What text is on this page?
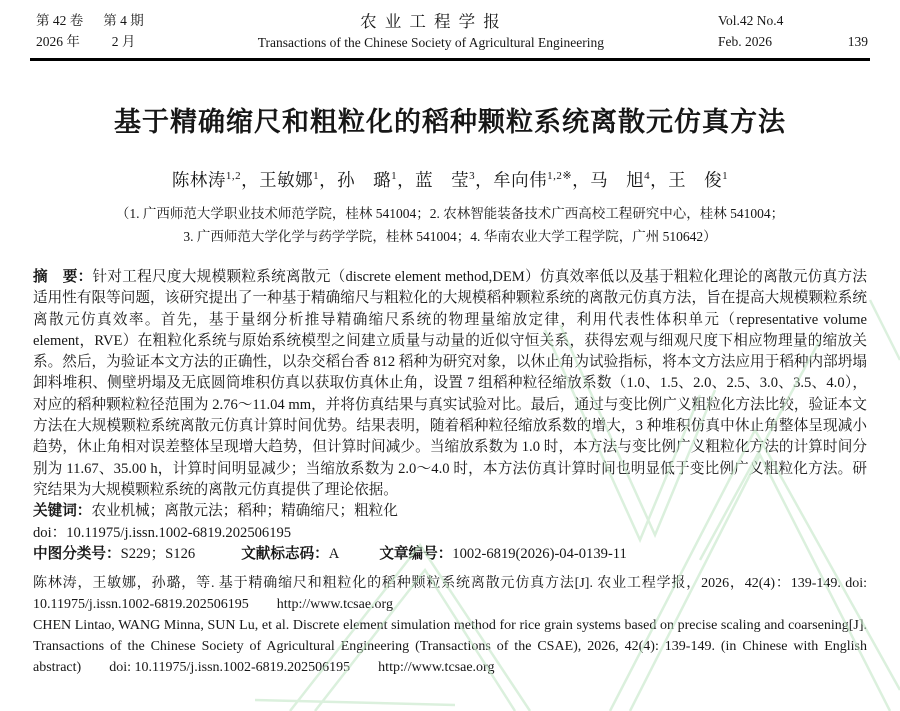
第 42 卷 第 4 期
2026 年	2 月
农 业 工 程 学 报
Transactions of the Chinese Society of Agricultural Engineering
Vol.42 No.4
Feb. 2026	139
基于精确缩尺和粗粒化的稻种颗粒系统离散元仿真方法
陈林涛$^{1,2}$，王敏娜$^1$，孙　璐$^1$，蓝　莹$^3$，牟向伟$^{1,2※}$，马　旭$^4$，王　俊$^1$
（1. 广西师范大学职业技术师范学院，桂林 541004；2. 农林智能装备技术广西高校工程研究中心，桂林 541004；
3. 广西师范大学化学与药学学院，桂林 541004；4. 华南农业大学工程学院，广州 510642）

摘　要：针对工程尺度大规模颗粒系统离散元（discrete element method,DEM）仿真效率低以及基于粗粒化理论的离散元仿真方法适用性有限等问题，该研究提出了一种基于精确缩尺与粗粒化的大规模稻种颗粒系统的离散元仿真方法，旨在提高大规模颗粒系统离散元仿真效率。首先，基于量纲分析推导精确缩尺系统的物理量缩放定律，利用代表性体积单元（representative volume element，RVE）在粗粒化系统与原始系统模型之间建立质量与动量的近似守恒关系，获得宏观与细观尺度下相应物理量的缩放关系。然后，为验证本文方法的正确性，以杂交稻台香 812 稻种为研究对象，以休止角为试验指标，将本文方法应用于稻种内部坍塌卸料堆积、侧壁坍塌及无底圆筒堆积仿真以获取仿真休止角，设置 7 组稻种粒径缩放系数（1.0、1.5、2.0、2.5、3.0、3.5、4.0），对应的稻种颗粒粒径范围为 2.76～11.04 mm，并将仿真结果与真实试验对比。最后，通过与变比例广义粗粒化方法比较，验证本文方法在大规模颗粒系统离散元仿真计算时间优势。结果表明，随着稻种粒径缩放系数的增大，3 种堆积仿真中休止角整体呈现减小趋势，休止角相对误差整体呈现增大趋势，但计算时间减少。当缩放系数为 1.0 时，本方法与变比例广义粗粒化方法的计算时间分别为 11.67、35.00 h，计算时间明显减少；当缩放系数为 2.0～4.0 时，本方法仿真计算时间也明显低于变比例广义粗粒化方法。研究结果为大规模颗粒系统的离散元仿真提供了理论依据。

关键词：农业机械；离散元法；稻种；精确缩尺；粗粒化

doi：10.11975/j.issn.1002-6819.202506195

中图分类号：S229；S126	文献标志码：A	文章编号：1002-6819(2026)-04-0139-11

陈林涛，王敏娜，孙璐，等. 基于精确缩尺和粗粒化的稻种颗粒系统离散元仿真方法[J]. 农业工程学报，2026，42(4)：139-149. doi: 10.11975/j.issn.1002-6819.202506195　　http://www.tcsae.org

CHEN Lintao, WANG Minna, SUN Lu, et al. Discrete element simulation method for rice grain systems based on precise scaling and coarsening[J]. Transactions of the Chinese Society of Agricultural Engineering (Transactions of the CSAE), 2026, 42(4): 139-149. (in Chinese with English abstract)　　doi: 10.11975/j.issn.1002-6819.202506195　　http://www.tcsae.org
